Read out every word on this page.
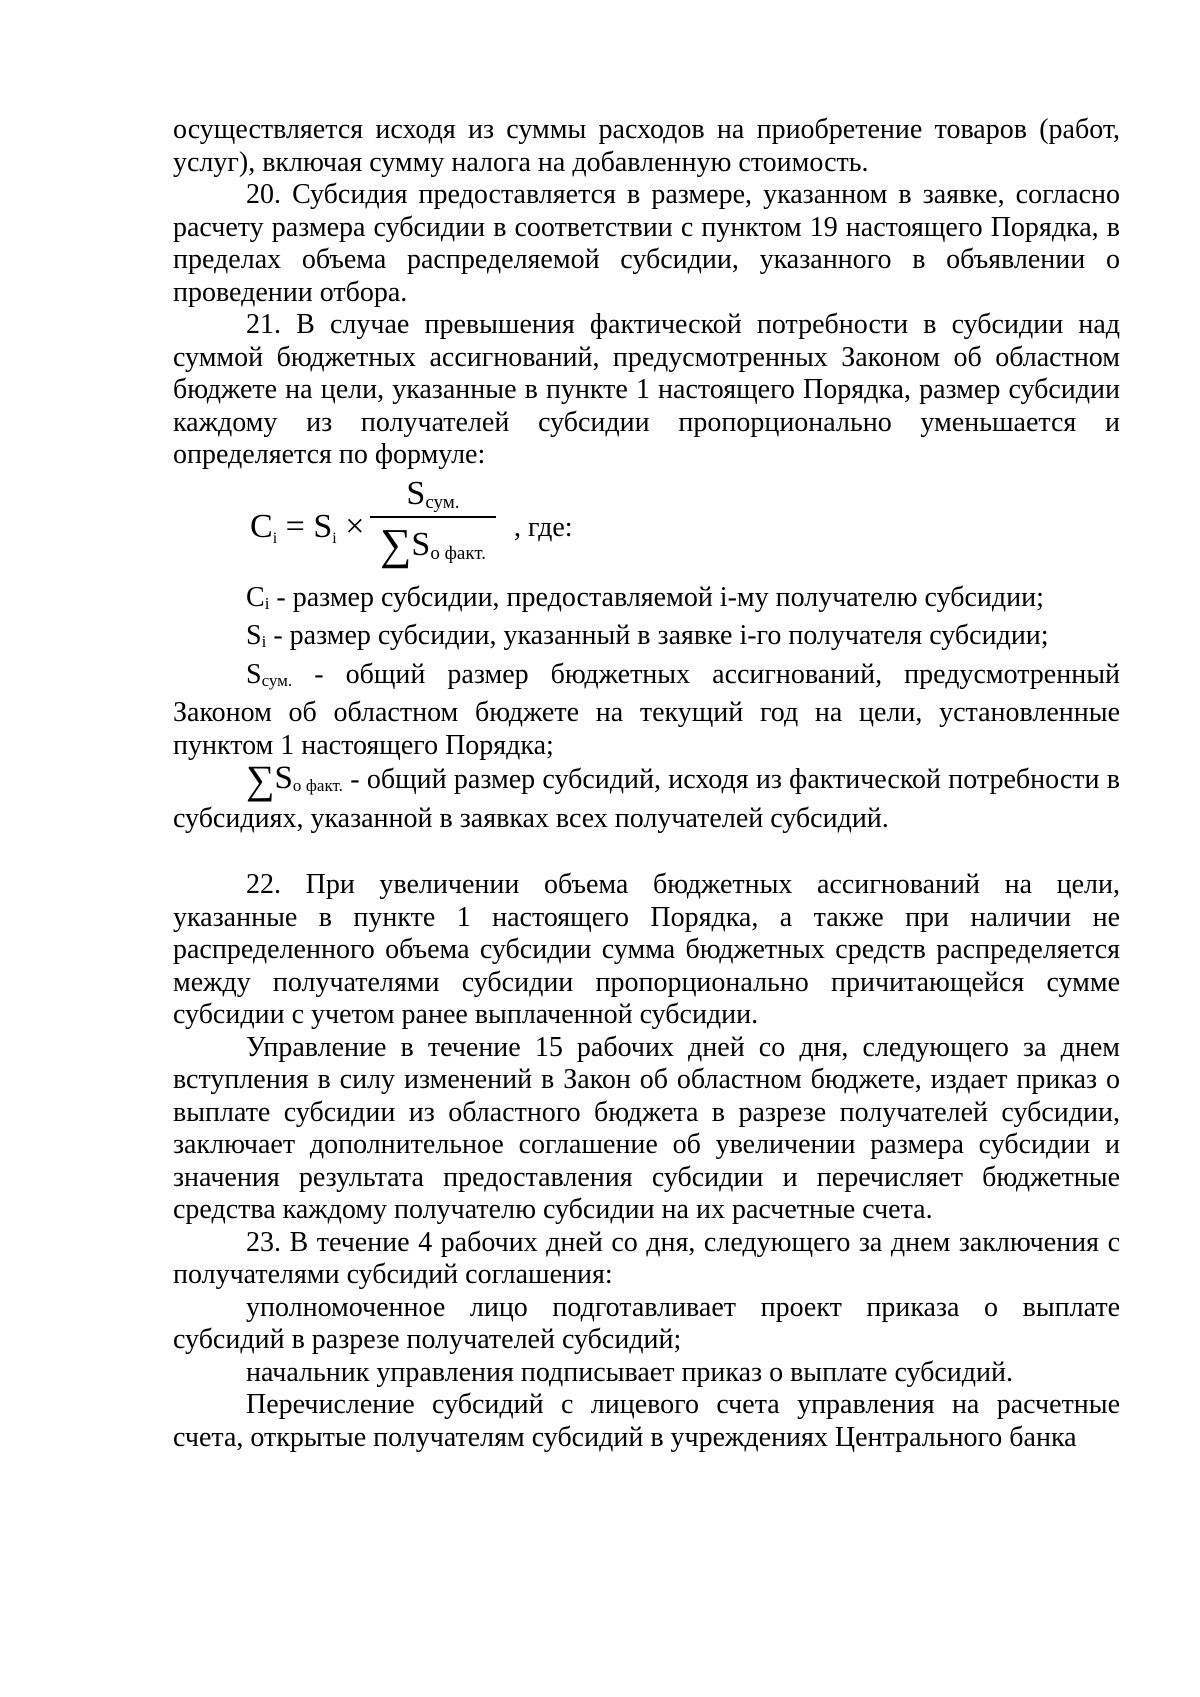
осуществляется исходя из суммы расходов на приобретение товаров (работ, услуг), включая сумму налога на добавленную стоимость.

20. Субсидия предоставляется в размере, указанном в заявке, согласно расчету размера субсидии в соответствии с пунктом 19 настоящего Порядка, в пределах объема распределяемой субсидии, указанного в объявлении о проведении отбора.

21. В случае превышения фактической потребности в субсидии над суммой бюджетных ассигнований, предусмотренных Законом об областном бюджете на цели, указанные в пункте 1 настоящего Порядка, размер субсидии каждому из получателей субсидии пропорционально уменьшается и определяется по формуле:

Ci = Si ×
$S_{сум.}$
$\sum S_{о факт.}$
, где:

Ci - размер субсидии, предоставляемой i-му получателю субсидии;

Si - размер субсидии, указанный в заявке i-го получателя субсидии;

Sсум. - общий размер бюджетных ассигнований, предусмотренный Законом об областном бюджете на текущий год на цели, установленные пунктом 1 настоящего Порядка;

∑Sо факт. - общий размер субсидий, исходя из фактической потребности в субсидиях, указанной в заявках всех получателей субсидий.

22. При увеличении объема бюджетных ассигнований на цели, указанные в пункте 1 настоящего Порядка, а также при наличии не распределенного объема субсидии сумма бюджетных средств распределяется между получателями субсидии пропорционально причитающейся сумме субсидии с учетом ранее выплаченной субсидии.

Управление в течение 15 рабочих дней со дня, следующего за днем вступления в силу изменений в Закон об областном бюджете, издает приказ о выплате субсидии из областного бюджета в разрезе получателей субсидии, заключает дополнительное соглашение об увеличении размера субсидии и значения результата предоставления субсидии и перечисляет бюджетные средства каждому получателю субсидии на их расчетные счета.

23. В течение 4 рабочих дней со дня, следующего за днем заключения с получателями субсидий соглашения:

уполномоченное лицо подготавливает проект приказа о выплате субсидий в разрезе получателей субсидий;

начальник управления подписывает приказ о выплате субсидий.

Перечисление субсидий с лицевого счета управления на расчетные счета, открытые получателям субсидий в учреждениях Центрального банка
